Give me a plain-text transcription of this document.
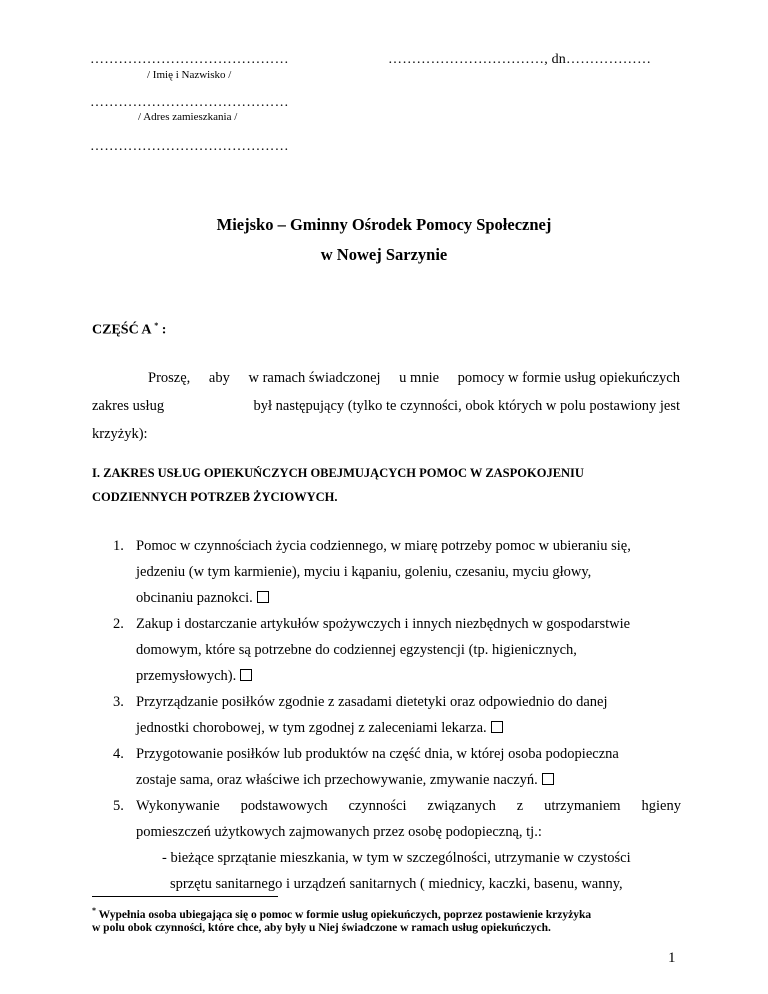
……………………………………
/ Imię i Nazwisko /
……………………………, dn………………
……………………………………
/ Adres zamieszkania /
……………………………………
Miejsko – Gminny Ośrodek Pomocy Społecznej
w Nowej Sarzynie
CZĘŚĆ A * :
Proszę, aby w ramach świadczonej u mnie pomocy w formie usług opiekuńczych
zakres usług	był następujący (tylko te czynności, obok których w polu postawiony jest
krzyżyk):
I. ZAKRES USŁUG OPIEKUŃCZYCH OBEJMUJĄCYCH POMOC W ZASPOKOJENIU
CODZIENNYCH POTRZEB ŻYCIOWYCH.
1. Pomoc w czynnościach życia codziennego, w miarę potrzeby pomoc w ubieraniu się,
jedzeniu (w tym karmienie), myciu i kąpaniu, goleniu, czesaniu, myciu głowy,
obcinaniu paznokci.
2. Zakup i dostarczanie artykułów spożywczych i innych niezbędnych w gospodarstwie
domowym, które są potrzebne do codziennej egzystencji (tp. higienicznych,
przemysłowych).
3. Przyrządzanie posiłków zgodnie z zasadami dietetyki oraz odpowiednio do danej
jednostki chorobowej, w tym zgodnej z zaleceniami lekarza.
4. Przygotowanie posiłków lub produktów na część dnia, w której osoba podopieczna
zostaje sama, oraz właściwe ich przechowywanie, zmywanie naczyń.
5. Wykonywanie podstawowych czynności związanych z utrzymaniem hgieny
pomieszczeń użytkowych zajmowanych przez osobę podopieczną, tj.:
- bieżące sprzątanie mieszkania, w tym w szczególności, utrzymanie w czystości
sprzętu sanitarnego i urządzeń sanitarnych ( miednicy, kaczki, basenu, wanny,
* Wypełnia osoba ubiegająca się o pomoc w formie usług opiekuńczych, poprzez postawienie krzyżyka
w polu obok czynności, które chce, aby były u Niej świadczone w ramach usług opiekuńczych.
1
